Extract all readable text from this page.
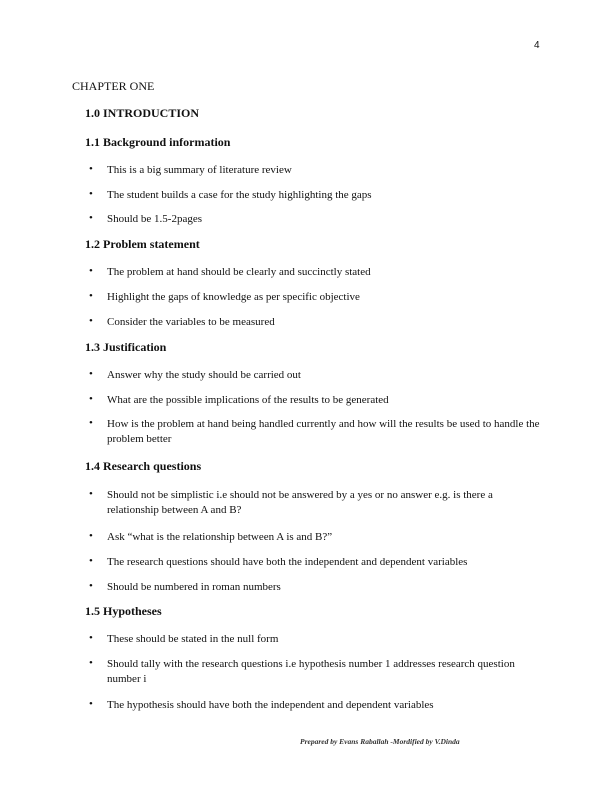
4
CHAPTER ONE
1.0 INTRODUCTION
1.1 Background information
• This is a big summary of literature review
• The student builds a case for the study highlighting the gaps
• Should be 1.5-2pages
1.2 Problem statement
• The problem at hand should be clearly and succinctly stated
• Highlight the gaps of knowledge as per specific objective
• Consider the variables to be measured
1.3 Justification
• Answer why the study should be carried out
• What are the possible implications of the results to be generated
• How is the problem at hand being handled currently and how will the results be used to handle the problem better
1.4 Research questions
• Should not be simplistic i.e should not be answered by a yes or no answer e.g. is there a relationship between A and B?
• Ask “what is the relationship between A is and B?”
• The research questions should have both the independent and dependent variables
• Should be numbered in roman numbers
1.5 Hypotheses
• These should be stated in the null form
• Should tally with the research questions i.e hypothesis number 1 addresses research question number i
• The hypothesis should have both the independent and dependent variables
Prepared by Evans Raballah -Mordified by V.Dinda
